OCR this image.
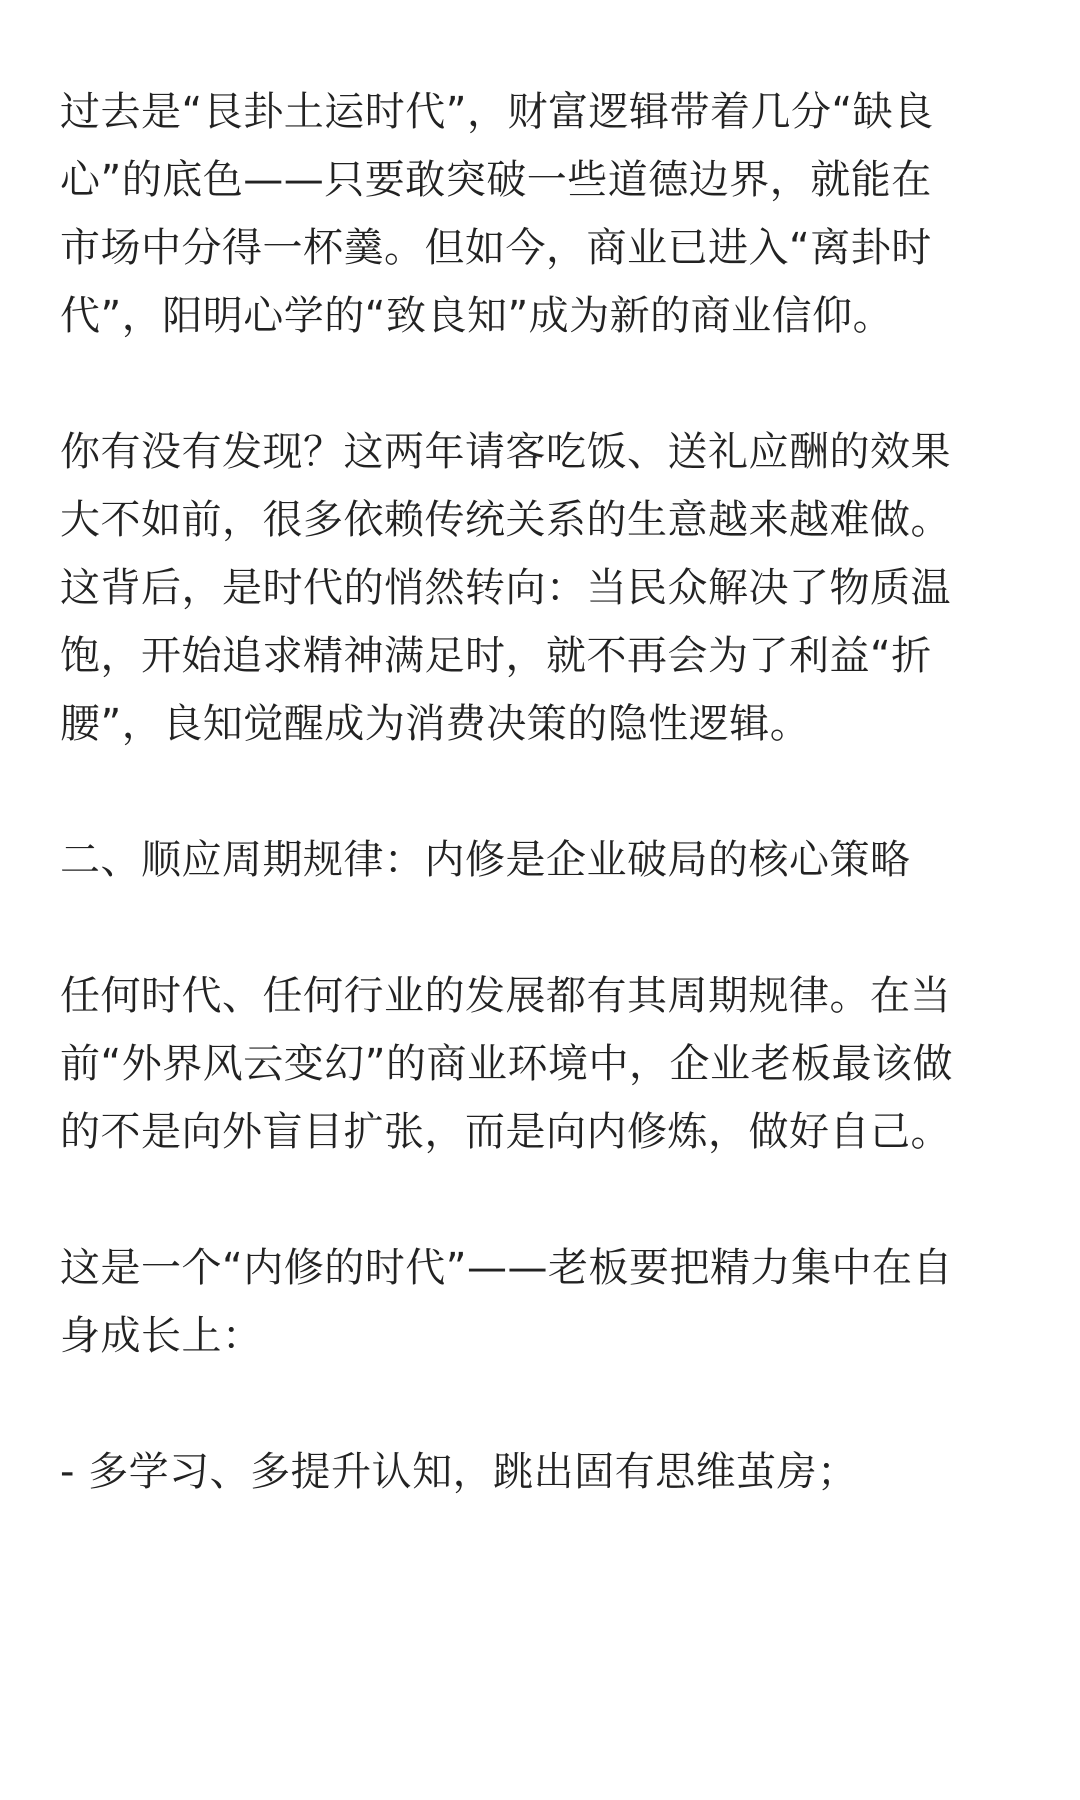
过去是“艮卦土运时代”，财富逻辑带着几分“缺良
心”的底色——只要敢突破一些道德边界，就能在
市场中分得一杯羹。但如今，商业已进入“离卦时
代”，阳明心学的“致良知”成为新的商业信仰。
你有没有发现？这两年请客吃饭、送礼应酬的效果
大不如前，很多依赖传统关系的生意越来越难做。
这背后，是时代的悄然转向：当民众解决了物质温
饱，开始追求精神满足时，就不再会为了利益“折
腰”，良知觉醒成为消费决策的隐性逻辑。
二、顺应周期规律：内修是企业破局的核心策略
任何时代、任何行业的发展都有其周期规律。在当
前“外界风云变幻”的商业环境中，企业老板最该做
的不是向外盲目扩张，而是向内修炼，做好自己。
这是一个“内修的时代”——老板要把精力集中在自
身成长上：
- 多学习、多提升认知，跳出固有思维茧房；
